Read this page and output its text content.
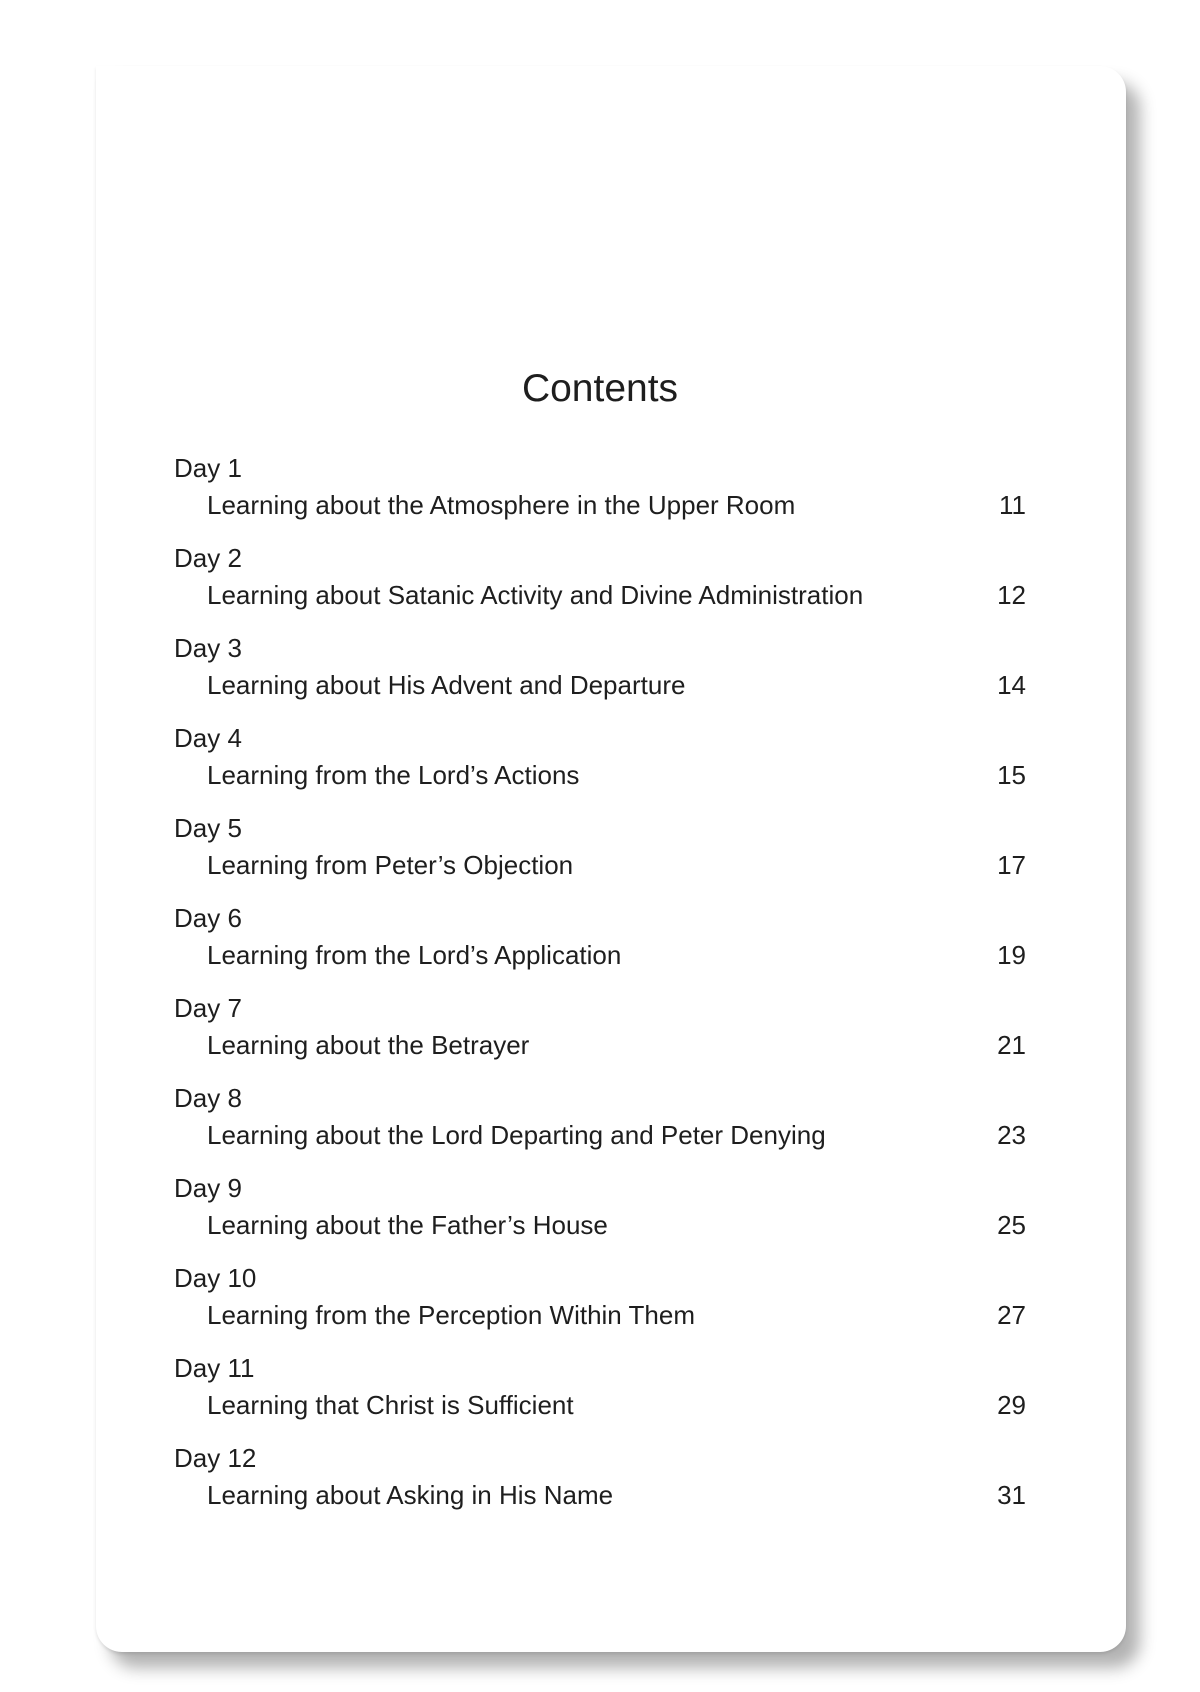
Contents
Day 1
Learning about the Atmosphere in the Upper Room	11
Day 2
Learning about Satanic Activity and Divine Administration	12
Day 3
Learning about His Advent and Departure	14
Day 4
Learning from the Lord’s Actions	15
Day 5
Learning from Peter’s Objection	17
Day 6
Learning from the Lord’s Application	19
Day 7
Learning about the Betrayer	21
Day 8
Learning about the Lord Departing and Peter Denying	23
Day 9
Learning about the Father’s House	25
Day 10
Learning from the Perception Within Them	27
Day 11
Learning that Christ is Sufficient	29
Day 12
Learning about Asking in His Name	31
